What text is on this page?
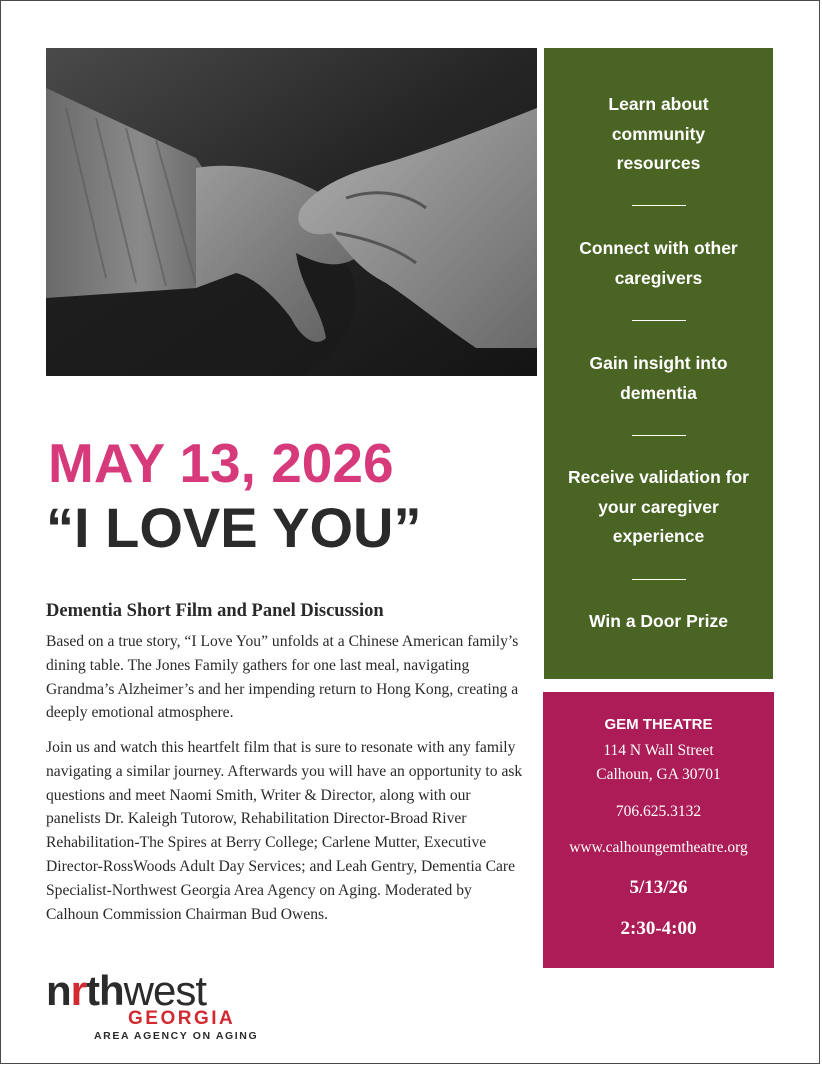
MAY 13, 2026
“I LOVE YOU”
Dementia Short Film and Panel Discussion

Based on a true story, “I Love You” unfolds at a Chinese American family’s dining table. The Jones Family gathers for one last meal, navigating Grandma’s Alzheimer’s and her impending return to Hong Kong, creating a deeply emotional atmosphere.

Join us and watch this heartfelt film that is sure to resonate with any family navigating a similar journey. Afterwards you will have an opportunity to ask questions and meet Naomi Smith, Writer & Director, along with our panelists Dr. Kaleigh Tutorow, Rehabilitation Director-Broad River Rehabilitation-The Spires at Berry College; Carlene Mutter, Executive Director-RossWoods Adult Day Services; and Leah Gentry, Dementia Care Specialist-Northwest Georgia Area Agency on Aging. Moderated by Calhoun Commission Chairman Bud Owens.

nrthwest
GEORGIA
AREA AGENCY ON AGING
Learn about community resources
Connect with other caregivers
Gain insight into dementia
Receive validation for your caregiver experience
Win a Door Prize
GEM THEATRE
114 N Wall Street
Calhoun, GA 30701
706.625.3132
www.calhoungemtheatre.org
5/13/26
2:30-4:00
